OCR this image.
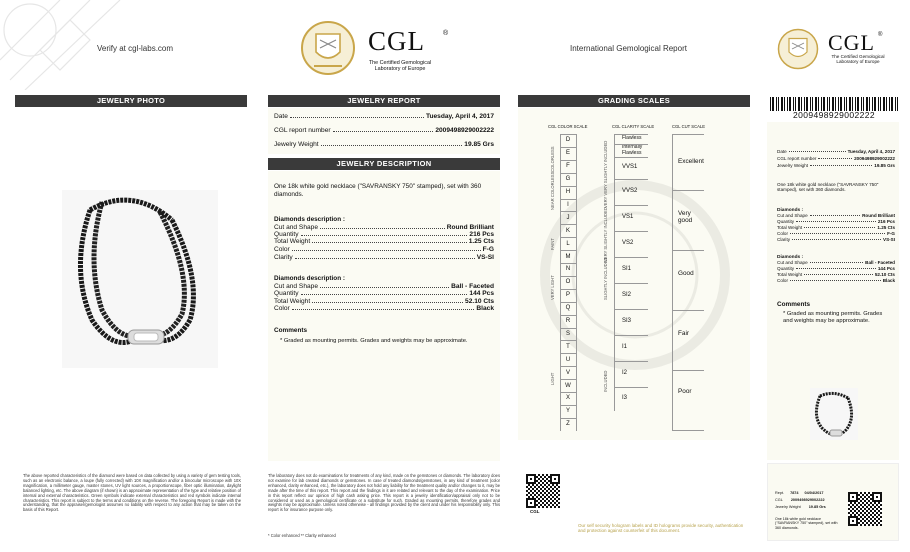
Verify at cgl-labs.com	CGL	®
The Certified Gemological
Laboratory of Europe
International Gemological Report	CGL ®
The Certified Gemological
Laboratory of Europe
JEWELRY PHOTO	JEWELRY REPORT
Date	Tuesday, April 4, 2017
CGL report number	2009498929002222
Jewelry Weight	19.85 Grs
JEWELRY DESCRIPTION
One 18k white gold necklace ("SAVRANSKY 750" stamped), set with 360 diamonds.
Diamonds description :
Cut and Shape	Round Brilliant
Quantity	216 Pcs
Total Weight	1.25 Cts
Color	F-G
Clarity	VS-SI
Diamonds description :
Cut and Shape	Ball - Faceted
Quantity	144 Pcs
Total Weight	52.10 Cts
Color	Black
Comments
* Graded as mounting permits. Grades and weights may be approximate.
GRADING SCALES
CGL COLOR SCALE	CGL CLARITY SCALE	CGL CUT SCALE
D
E
F
G
H
I
J
K
L
M
N
O
P
Q
R
S
T
U
V
W
X
Y
Z
Flawless
Internally Flawless
VVS1
VVS2
VS1
VS2
SI1
SI2
SI3
I1
I2
I3
Excellent
Very good
Good
Fair
Poor
COLORLESS
NEAR COLORLESS
FAINT
VERY LIGHT
LIGHT
VERY VERY SLIGHTLY INCLUDED
VERY SLIGHTLY INCLUDED
SLIGHTLY INCLUDED
INCLUDED
2009498929002222
Date	Tuesday, April 4, 2017
CGL report number	2009498929002222
Jewelry Weight	19.85 Grs
One 18k white gold necklace ("SAVRANSKY 750" stamped), set with 360 diamonds.
Diamonds :
Cut and Shape	Round Brilliant
Quantity	216 Pcs
Total Weight	1.25 Cts
Color	F-G
Clarity	VS-SI
Diamonds :
Cut and Shape	Ball - Faceted
Quantity	144 Pcs
Total Weight	52.10 Cts
Color	Black
Comments
* Graded as mounting permits. Grades and weights may be approximate.
The above reported characteristics of the diamond were based on data collected by using a variety of gem testing tools, such as an electronic balance, a loupe (fully corrected) with 10X magnification and/or a binocular microscope with 10X magnification, a millimeter gauge, master stones, UV light sources, a proportionscope, fiber optic illumination, daylight balanced lighting, etc. The above diagram (if shown) is an approximate representation of the type and relative position of internal and external characteristics. Green symbols indicate external characteristics and red symbols indicate internal characteristics. This report is subject to the terms and conditions on the reverse. The foregoing Report is made with the understanding, that the appraiser/gemologist assumes no liability with respect to any action that may be taken on the basis of this Report.
The laboratory does not do examinations for treatments of any kind, made on the gemstones or diamonds. The laboratory does not examine for lab created diamonds or gemstones. In case of treated diamonds/gemstones, in any kind of treatment (color enhanced, clarity enhanced, etc.), the laboratory does not hold any liability for the treatment quality and/or changes to it, may be made after the time of this report. This report and the findings in it are related and relevant to the day of the examination. Price in this report reflect our opinion of high cash asking price. This report is a jewelry identification/appraisal only not to be considered or used as a gemological certificate or a substitute for such. Graded as mounting permits, therefore grades and weights may be approximate. Unless noted otherwise - all findings provided by the client and under his responsibility only. This report is for insurance purpose only.
* Color enhanced ** Clarity enhanced
CGL
Our self security hologram labels and ID holograms provide security, authentication and protection against counterfeit of this document.
Rept. 7874 04/04/2017
CGL 2009498929002222
Jewelry Weight 19.85 Grs
One 18k white gold necklace ("SAVRANSKY 750" stamped), set with 360 diamonds.
